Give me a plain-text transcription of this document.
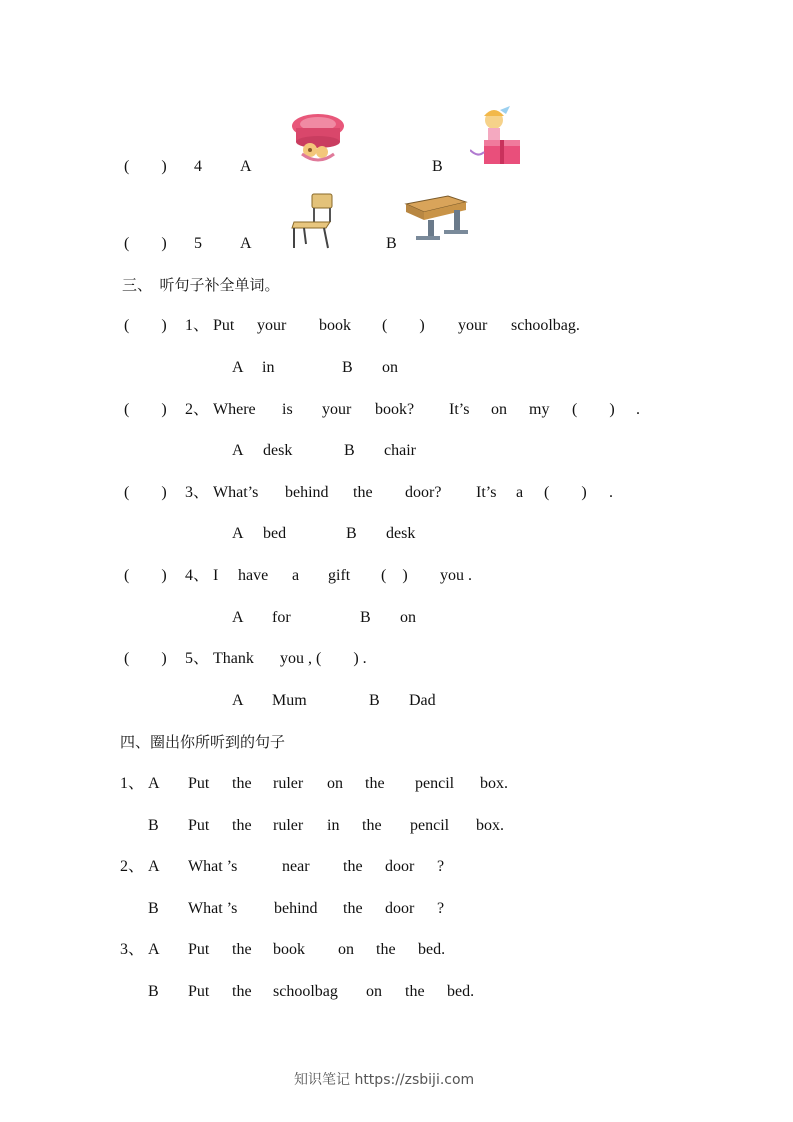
(　　) 4 A	B
(　　) 5 A	B
三、　听句子补全单词。
(　　) 1、 Put your book (　　) your schoolbag.
A in	B on
(　　) 2、 Where is your book? It’s on my (　　) .
A desk	B chair
(　　) 3、 What’s behind the door? It’s a (　　) .
A bed	B desk
(　　) 4、 I have a gift (　) you .
A for	B on
(　　) 5、 Thank you , (　　) .
A Mum	B Dad
四、圈出你所听到的句子
1、 A Put the ruler on the pencil box.
B Put the ruler in the pencil box.
2、 A What ’s	near the door ?
B What ’s behind the door ?
3、 A Put the book on the bed.
B Put the schoolbag on the bed.
知识笔记 https://zsbiji.com
